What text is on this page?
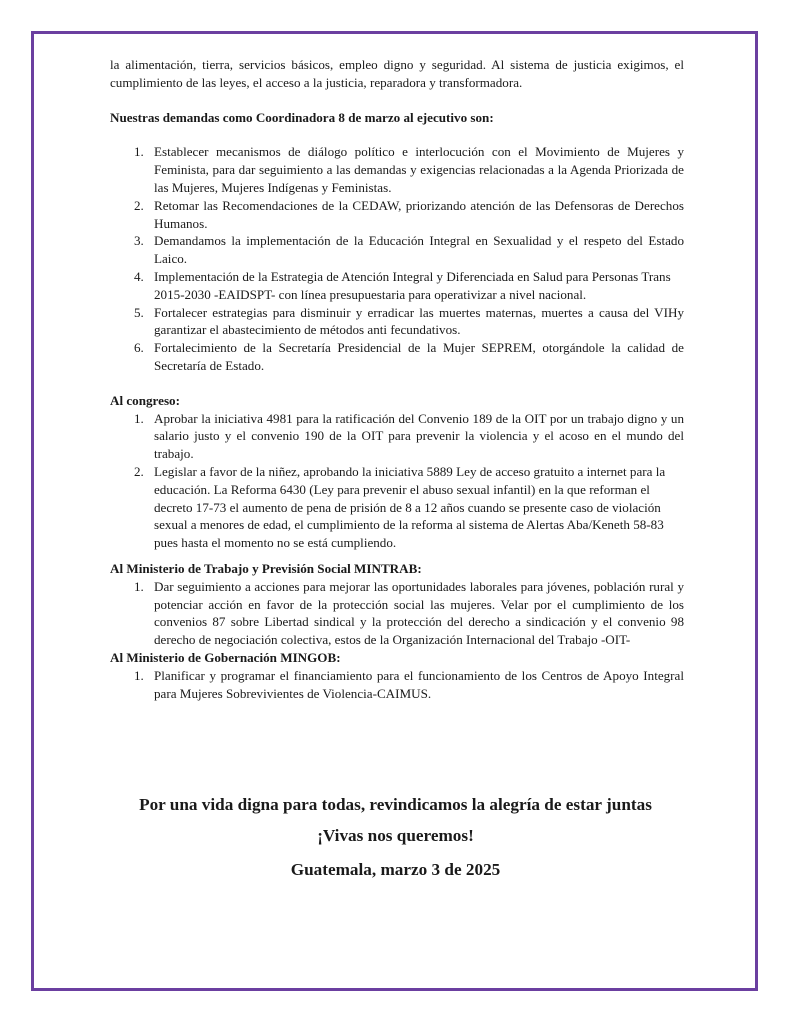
la alimentación, tierra, servicios básicos, empleo digno y seguridad. Al sistema de justicia exigimos, el cumplimiento de las leyes, el acceso a la justicia, reparadora y transformadora.

Nuestras demandas como Coordinadora 8 de marzo al ejecutivo son:

1. Establecer mecanismos de diálogo político e interlocución con el Movimiento de Mujeres y Feminista, para dar seguimiento a las demandas y exigencias relacionadas a la Agenda Priorizada de las Mujeres, Mujeres Indígenas y Feministas.
2. Retomar las Recomendaciones de la CEDAW, priorizando atención de las Defensoras de Derechos Humanos.
3. Demandamos la implementación de la Educación Integral en Sexualidad y el respeto del Estado Laico.
4. Implementación de la Estrategia de Atención Integral y Diferenciada en Salud para Personas Trans 2015-2030 -EAIDSPT- con línea presupuestaria para operativizar a nivel nacional.
5. Fortalecer estrategias para disminuir y erradicar las muertes maternas, muertes a causa del VIHy garantizar el abastecimiento de métodos anti fecundativos.
6. Fortalecimiento de la Secretaría Presidencial de la Mujer SEPREM, otorgándole la calidad de Secretaría de Estado.

Al congreso:

1. Aprobar la iniciativa 4981 para la ratificación del Convenio 189 de la OIT por un trabajo digno y un salario justo y el convenio 190 de la OIT para prevenir la violencia y el acoso en el mundo del trabajo.
2. Legislar a favor de la niñez, aprobando la iniciativa 5889 Ley de acceso gratuito a internet para la educación. La Reforma 6430 (Ley para prevenir el abuso sexual infantil) en la que reforman el decreto 17-73 el aumento de pena de prisión de 8 a 12 años cuando se presente caso de violación sexual a menores de edad, el cumplimiento de la reforma al sistema de Alertas Aba/Keneth 58-83 pues hasta el momento no se está cumpliendo.

Al Ministerio de Trabajo y Previsión Social MINTRAB:

1. Dar seguimiento a acciones para mejorar las oportunidades laborales para jóvenes, población rural y potenciar acción en favor de la protección social las mujeres. Velar por el cumplimiento de los convenios 87 sobre Libertad sindical y la protección del derecho a sindicación y el convenio 98 derecho de negociación colectiva, estos de la Organización Internacional del Trabajo -OIT-

Al Ministerio de Gobernación MINGOB:

1. Planificar y programar el financiamiento para el funcionamiento de los Centros de Apoyo Integral para Mujeres Sobrevivientes de Violencia-CAIMUS.

Por una vida digna para todas, revindicamos la alegría de estar juntas

¡Vivas nos queremos!

Guatemala, marzo 3 de 2025
